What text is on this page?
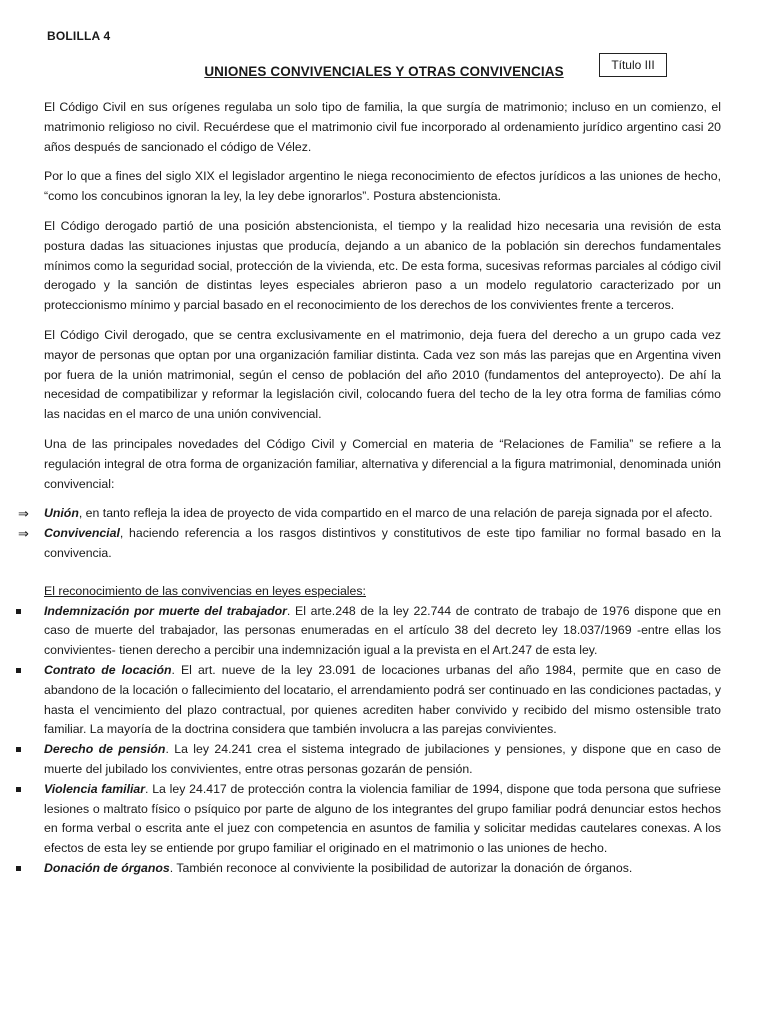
BOLILLA 4
Título III
UNIONES CONVIVENCIALES Y OTRAS CONVIVENCIAS

El Código Civil en sus orígenes regulaba un solo tipo de familia, la que surgía de matrimonio; incluso en un comienzo, el matrimonio religioso no civil. Recuérdese que el matrimonio civil fue incorporado al ordenamiento jurídico argentino casi 20 años después de sancionado el código de Vélez.

Por lo que a fines del siglo XIX el legislador argentino le niega reconocimiento de efectos jurídicos a las uniones de hecho, “como los concubinos ignoran la ley, la ley debe ignorarlos”. Postura abstencionista.

El Código derogado partió de una posición abstencionista, el tiempo y la realidad hizo necesaria una revisión de esta postura dadas las situaciones injustas que producía, dejando a un abanico de la población sin derechos fundamentales mínimos como la seguridad social, protección de la vivienda, etc. De esta forma, sucesivas reformas parciales al código civil derogado y la sanción de distintas leyes especiales abrieron paso a un modelo regulatorio caracterizado por un proteccionismo mínimo y parcial basado en el reconocimiento de los derechos de los convivientes frente a terceros.

El Código Civil derogado, que se centra exclusivamente en el matrimonio, deja fuera del derecho a un grupo cada vez mayor de personas que optan por una organización familiar distinta. Cada vez son más las parejas que en Argentina viven por fuera de la unión matrimonial, según el censo de población del año 2010 (fundamentos del anteproyecto). De ahí la necesidad de compatibilizar y reformar la legislación civil, colocando fuera del techo de la ley otra forma de familias cómo las nacidas en el marco de una unión convivencial.

Una de las principales novedades del Código Civil y Comercial en materia de “Relaciones de Familia” se refiere a la regulación integral de otra forma de organización familiar, alternativa y diferencial a la figura matrimonial, denominada unión convivencial:

⇒ Unión, en tanto refleja la idea de proyecto de vida compartido en el marco de una relación de pareja signada por el afecto.
⇒ Convivencial, haciendo referencia a los rasgos distintivos y constitutivos de este tipo familiar no formal basado en la convivencia.
El reconocimiento de las convivencias en leyes especiales:
Indemnización por muerte del trabajador. El arte.248 de la ley 22.744 de contrato de trabajo de 1976 dispone que en caso de muerte del trabajador, las personas enumeradas en el artículo 38 del decreto ley 18.037/1969 -entre ellas los convivientes- tienen derecho a percibir una indemnización igual a la prevista en el Art.247 de esta ley.
Contrato de locación. El art. nueve de la ley 23.091 de locaciones urbanas del año 1984, permite que en caso de abandono de la locación o fallecimiento del locatario, el arrendamiento podrá ser continuado en las condiciones pactadas, y hasta el vencimiento del plazo contractual, por quienes acrediten haber convivido y recibido del mismo ostensible trato familiar. La mayoría de la doctrina considera que también involucra a las parejas convivientes.
Derecho de pensión. La ley 24.241 crea el sistema integrado de jubilaciones y pensiones, y dispone que en caso de muerte del jubilado los convivientes, entre otras personas gozarán de pensión.
Violencia familiar. La ley 24.417 de protección contra la violencia familiar de 1994, dispone que toda persona que sufriese lesiones o maltrato físico o psíquico por parte de alguno de los integrantes del grupo familiar podrá denunciar estos hechos en forma verbal o escrita ante el juez con competencia en asuntos de familia y solicitar medidas cautelares conexas. A los efectos de esta ley se entiende por grupo familiar el originado en el matrimonio o las uniones de hecho.
Donación de órganos. También reconoce al conviviente la posibilidad de autorizar la donación de órganos.
